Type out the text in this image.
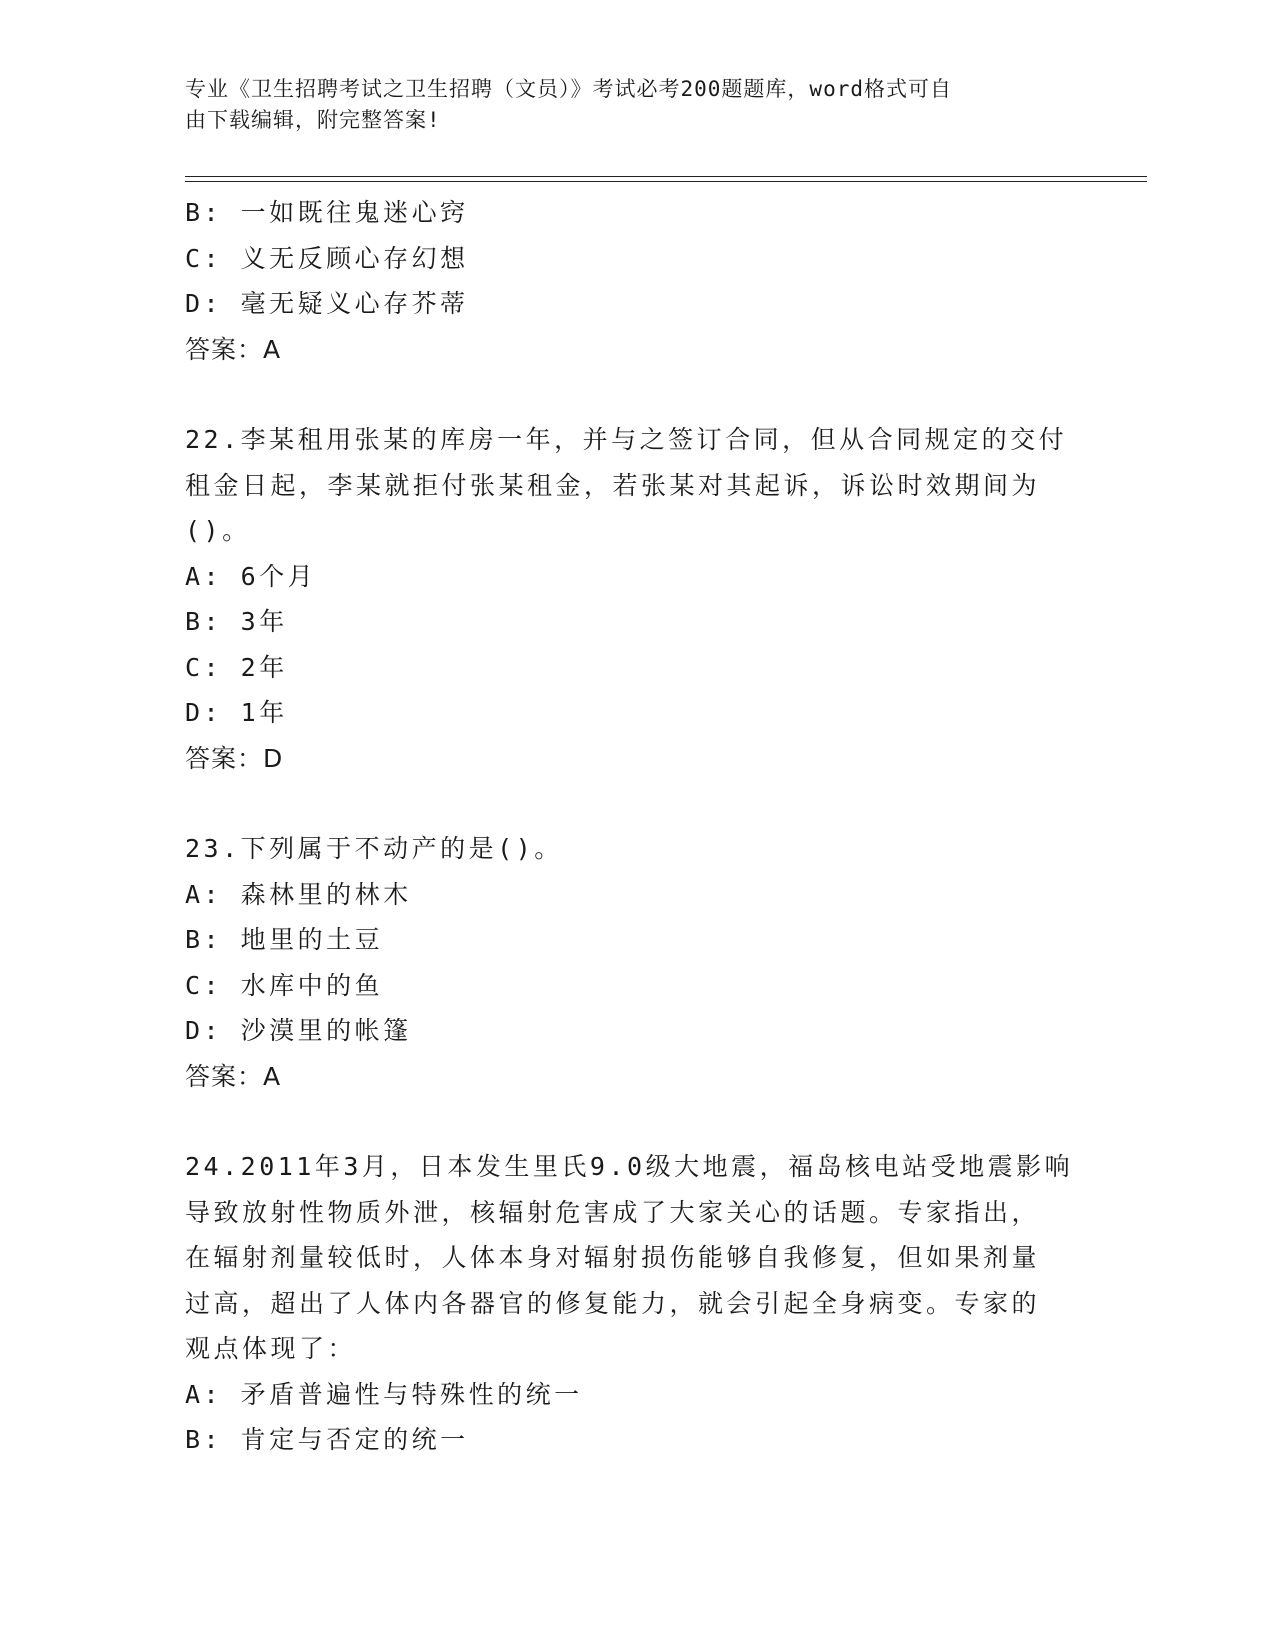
专业《卫生招聘考试之卫生招聘（文员）》考试必考200题题库，word格式可自
由下载编辑，附完整答案!
B: 一如既往鬼迷心窍
C: 义无反顾心存幻想
D: 毫无疑义心存芥蒂
答案：A
22.李某租用张某的库房一年，并与之签订合同，但从合同规定的交付
租金日起，李某就拒付张某租金，若张某对其起诉，诉讼时效期间为
()。
A: 6个月
B: 3年
C: 2年
D: 1年
答案：D
23.下列属于不动产的是()。
A: 森林里的林木
B: 地里的土豆
C: 水库中的鱼
D: 沙漠里的帐篷
答案：A
24.2011年3月，日本发生里氏9.0级大地震，福岛核电站受地震影响
导致放射性物质外泄，核辐射危害成了大家关心的话题。专家指出，
在辐射剂量较低时，人体本身对辐射损伤能够自我修复，但如果剂量
过高，超出了人体内各器官的修复能力，就会引起全身病变。专家的
观点体现了：
A: 矛盾普遍性与特殊性的统一
B: 肯定与否定的统一
